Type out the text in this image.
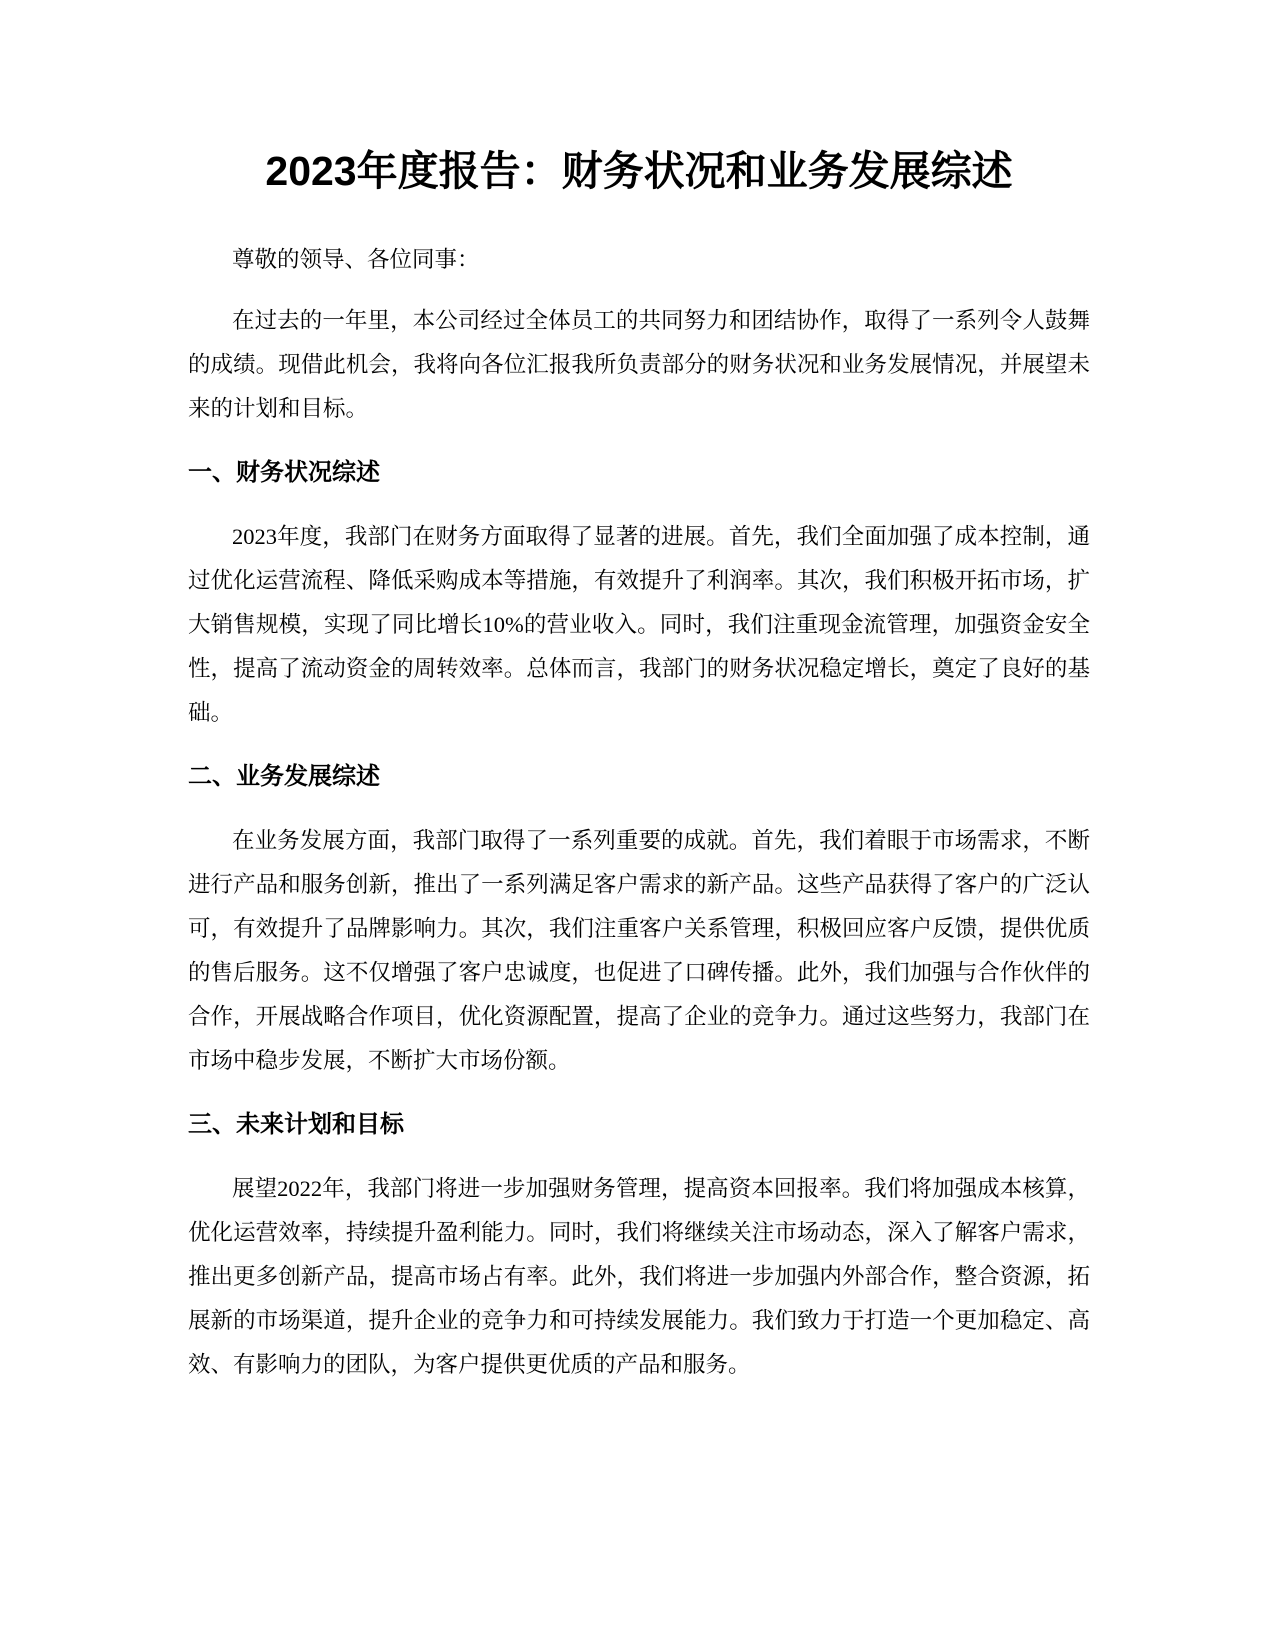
2023年度报告：财务状况和业务发展综述

尊敬的领导、各位同事：

在过去的一年里，本公司经过全体员工的共同努力和团结协作，取得了一系列令人鼓舞的成绩。现借此机会，我将向各位汇报我所负责部分的财务状况和业务发展情况，并展望未来的计划和目标。

一、财务状况综述

2023年度，我部门在财务方面取得了显著的进展。首先，我们全面加强了成本控制，通过优化运营流程、降低采购成本等措施，有效提升了利润率。其次，我们积极开拓市场，扩大销售规模，实现了同比增长10%的营业收入。同时，我们注重现金流管理，加强资金安全性，提高了流动资金的周转效率。总体而言，我部门的财务状况稳定增长，奠定了良好的基础。

二、业务发展综述

在业务发展方面，我部门取得了一系列重要的成就。首先，我们着眼于市场需求，不断进行产品和服务创新，推出了一系列满足客户需求的新产品。这些产品获得了客户的广泛认可，有效提升了品牌影响力。其次，我们注重客户关系管理，积极回应客户反馈，提供优质的售后服务。这不仅增强了客户忠诚度，也促进了口碑传播。此外，我们加强与合作伙伴的合作，开展战略合作项目，优化资源配置，提高了企业的竞争力。通过这些努力，我部门在市场中稳步发展，不断扩大市场份额。

三、未来计划和目标

展望2022年，我部门将进一步加强财务管理，提高资本回报率。我们将加强成本核算，优化运营效率，持续提升盈利能力。同时，我们将继续关注市场动态，深入了解客户需求，推出更多创新产品，提高市场占有率。此外，我们将进一步加强内外部合作，整合资源，拓展新的市场渠道，提升企业的竞争力和可持续发展能力。我们致力于打造一个更加稳定、高效、有影响力的团队，为客户提供更优质的产品和服务。
